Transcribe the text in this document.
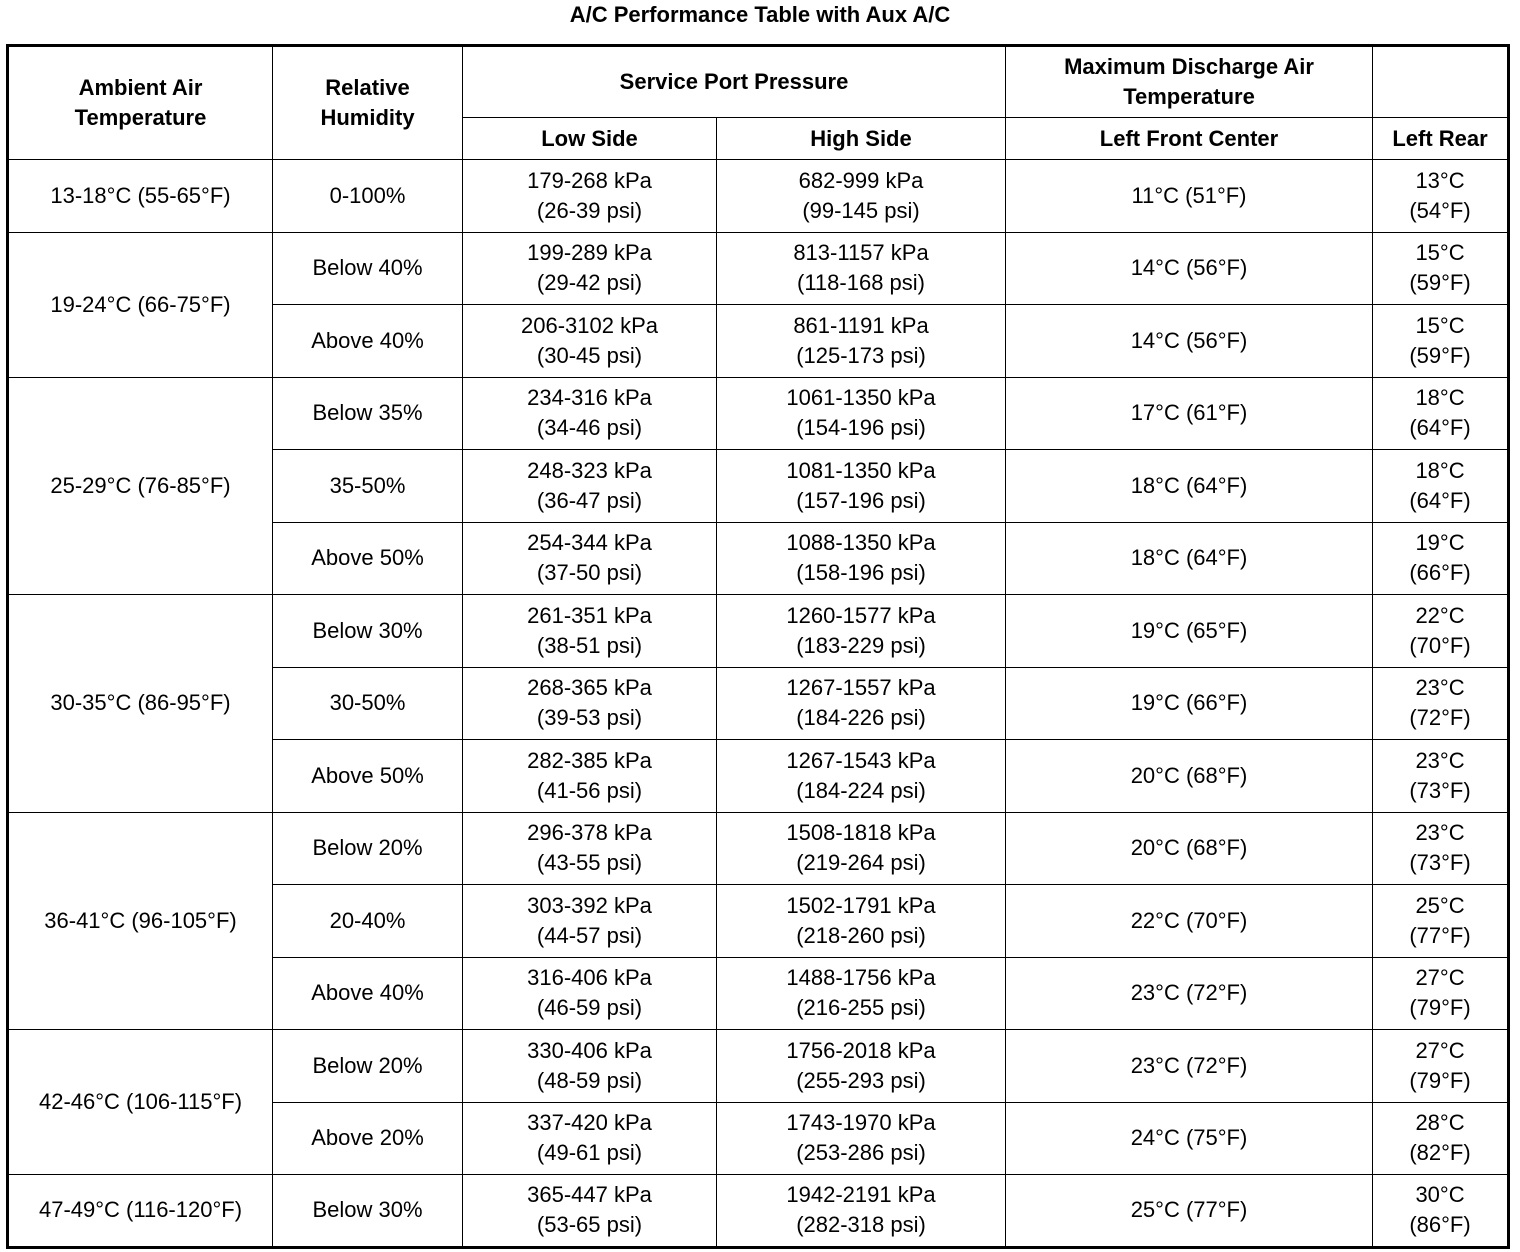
A/C Performance Table with Aux A/C
Ambient Air
Temperature	Relative
Humidity	Service Port Pressure		Maximum Discharge Air
Temperature	

		Low Side	High Side	Left Front Center	Left Rear
13-18°C (55-65°F)	0-100%	179-268 kPa
(26-39 psi)	682-999 kPa
(99-145 psi)	11°C (51°F)	13°C
(54°F)

19-24°C (66-75°F)	Below 40%	199-289 kPa
(29-42 psi)	813-1157 kPa
(118-168 psi)	14°C (56°F)	15°C
(59°F)

	Above 40%	206-3102 kPa
(30-45 psi)	861-1191 kPa
(125-173 psi)	14°C (56°F)	15°C
(59°F)

25-29°C (76-85°F)	Below 35%	234-316 kPa
(34-46 psi)	1061-1350 kPa
(154-196 psi)	17°C (61°F)	18°C
(64°F)

	35-50%	248-323 kPa
(36-47 psi)	1081-1350 kPa
(157-196 psi)	18°C (64°F)	18°C
(64°F)

	Above 50%	254-344 kPa
(37-50 psi)	1088-1350 kPa
(158-196 psi)	18°C (64°F)	19°C
(66°F)

30-35°C (86-95°F)	Below 30%	261-351 kPa
(38-51 psi)	1260-1577 kPa
(183-229 psi)	19°C (65°F)	22°C
(70°F)

	30-50%	268-365 kPa
(39-53 psi)	1267-1557 kPa
(184-226 psi)	19°C (66°F)	23°C
(72°F)

	Above 50%	282-385 kPa
(41-56 psi)	1267-1543 kPa
(184-224 psi)	20°C (68°F)	23°C
(73°F)

36-41°C (96-105°F)	Below 20%	296-378 kPa
(43-55 psi)	1508-1818 kPa
(219-264 psi)	20°C (68°F)	23°C
(73°F)

	20-40%	303-392 kPa
(44-57 psi)	1502-1791 kPa
(218-260 psi)	22°C (70°F)	25°C
(77°F)

	Above 40%	316-406 kPa
(46-59 psi)	1488-1756 kPa
(216-255 psi)	23°C (72°F)	27°C
(79°F)

42-46°C (106-115°F)	Below 20%	330-406 kPa
(48-59 psi)	1756-2018 kPa
(255-293 psi)	23°C (72°F)	27°C
(79°F)

	Above 20%	337-420 kPa
(49-61 psi)	1743-1970 kPa
(253-286 psi)	24°C (75°F)	28°C
(82°F)

47-49°C (116-120°F)	Below 30%	365-447 kPa
(53-65 psi)	1942-2191 kPa
(282-318 psi)	25°C (77°F)	30°C
(86°F)
